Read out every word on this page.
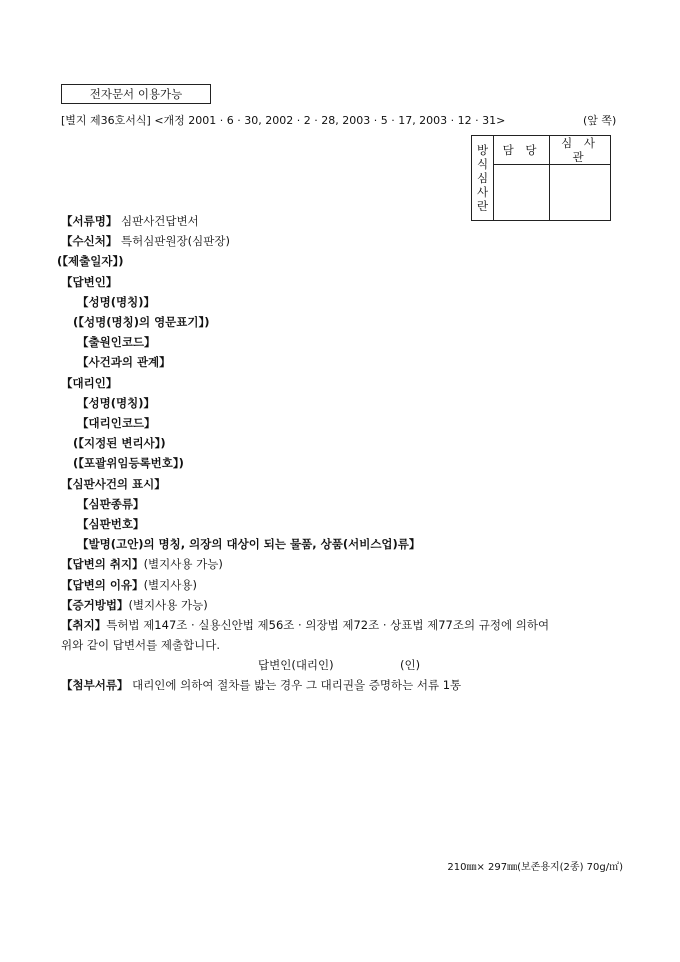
전자문서 이용가능
[별지 제36호서식] <개정 2001 · 6 · 30, 2002 · 2 · 28, 2003 · 5 · 17, 2003 · 12 · 31>	(앞 쪽)
방
식
심
사
란	담 당	심 사 관

【서류명】 심판사건답변서
【수신처】 특허심판원장(심판장)
(【제출일자】)
【답변인】
【성명(명칭)】
(【성명(명칭)의 영문표기】)
【출원인코드】
【사건과의 관계】
【대리인】
【성명(명칭)】
【대리인코드】
(【지정된 변리사】)
(【포괄위임등록번호】)
【심판사건의 표시】
【심판종류】
【심판번호】
【발명(고안)의 명칭, 의장의 대상이 되는 물품, 상품(서비스업)류】
【답변의 취지】(별지사용 가능)
【답변의 이유】(별지사용)
【증거방법】(별지사용 가능)
【취지】특허법 제147조 · 실용신안법 제56조 · 의장법 제72조 · 상표법 제77조의 규정에 의하여
위와 같이 답변서를 제출합니다.
답변인(대리인)	(인)
【첨부서류】 대리인에 의하여 절차를 밟는 경우 그 대리권을 증명하는 서류 1통
210㎜× 297㎜(보존용지(2종) 70g/㎡)
